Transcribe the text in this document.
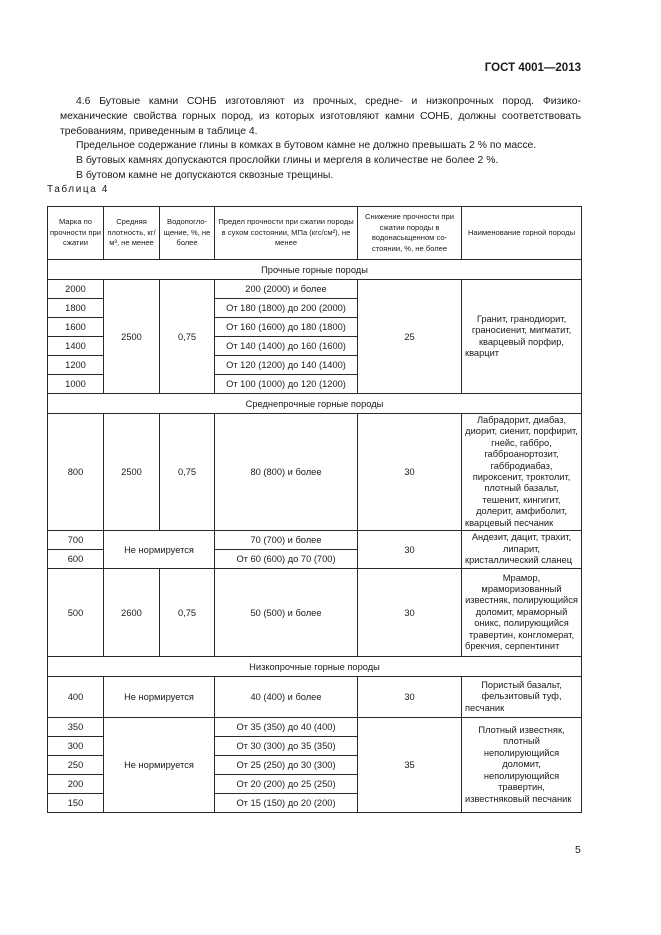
ГОСТ 4001—2013

4.6 Бутовые камни СОНБ изготовляют из прочных, средне- и низкопрочных пород. Физико-механические свойства горных пород, из которых изготовляют камни СОНБ, должны соответствовать требованиям, приведенным в таблице 4.

Предельное содержание глины в комках в бутовом камне не должно превышать 2 % по массе.

В бутовых камнях допускаются прослойки глины и мергеля в количестве не более 2 %.

В бутовом камне не допускаются сквозные трещины.

Таблица 4
Марка по прочности при сжатии	Средняя плотность, кг/м³, не менее	Водопогло-щение, %, не более	Предел прочности при сжатии породы в сухом состоянии, МПа (кгс/см²), не менее	Снижение прочности при сжатии породы в водонасыщенном со-стоянии, %, не более	Наименование горной породы
Прочные горные породы					
2000	2500	0,75	200 (2000) и более	25	Гранит, гранодиорит, граносиенит, мигматит, кварцевый порфир, кварцит
1800			От 180 (1800) до 200 (2000)		
1600			От 160 (1600) до 180 (1800)		
1400			От 140 (1400) до 160 (1600)		
1200			От 120 (1200) до 140 (1400)		
1000			От 100 (1000) до 120 (1200)		
Среднепрочные горные породы					
800	2500	0,75	80 (800) и более	30	Лабрадорит, диабаз, диорит, сиенит, порфирит, гнейс, габбро, габброанортозит, габбродиабаз, пироксенит, троктолит, плотный базальт, тешенит, кингигит, долерит, амфиболит, кварцевый песчаник
700	Не нормируется		70 (700) и более	30	Андезит, дацит, трахит, липарит, кристаллический сланец
600			От 60 (600) до 70 (700)		
500	2600	0,75	50 (500) и более	30	Мрамор, мраморизованный известняк, полирующийся доломит, мраморный оникс, полирующийся травертин, конгломерат, брекчия, серпентинит
Низкопрочные горные породы					
400	Не нормируется		40 (400) и более	30	Пористый базальт, фельзитовый туф, песчаник
350	Не нормируется		От 35 (350) до 40 (400)	35	Плотный известняк, плотный неполирующийся доломит, неполирующийся травертин, известняковый песчаник
300			От 30 (300) до 35 (350)		
250			От 25 (250) до 30 (300)		
200			От 20 (200) до 25 (250)		
150			От 15 (150) до 20 (200)		
5
